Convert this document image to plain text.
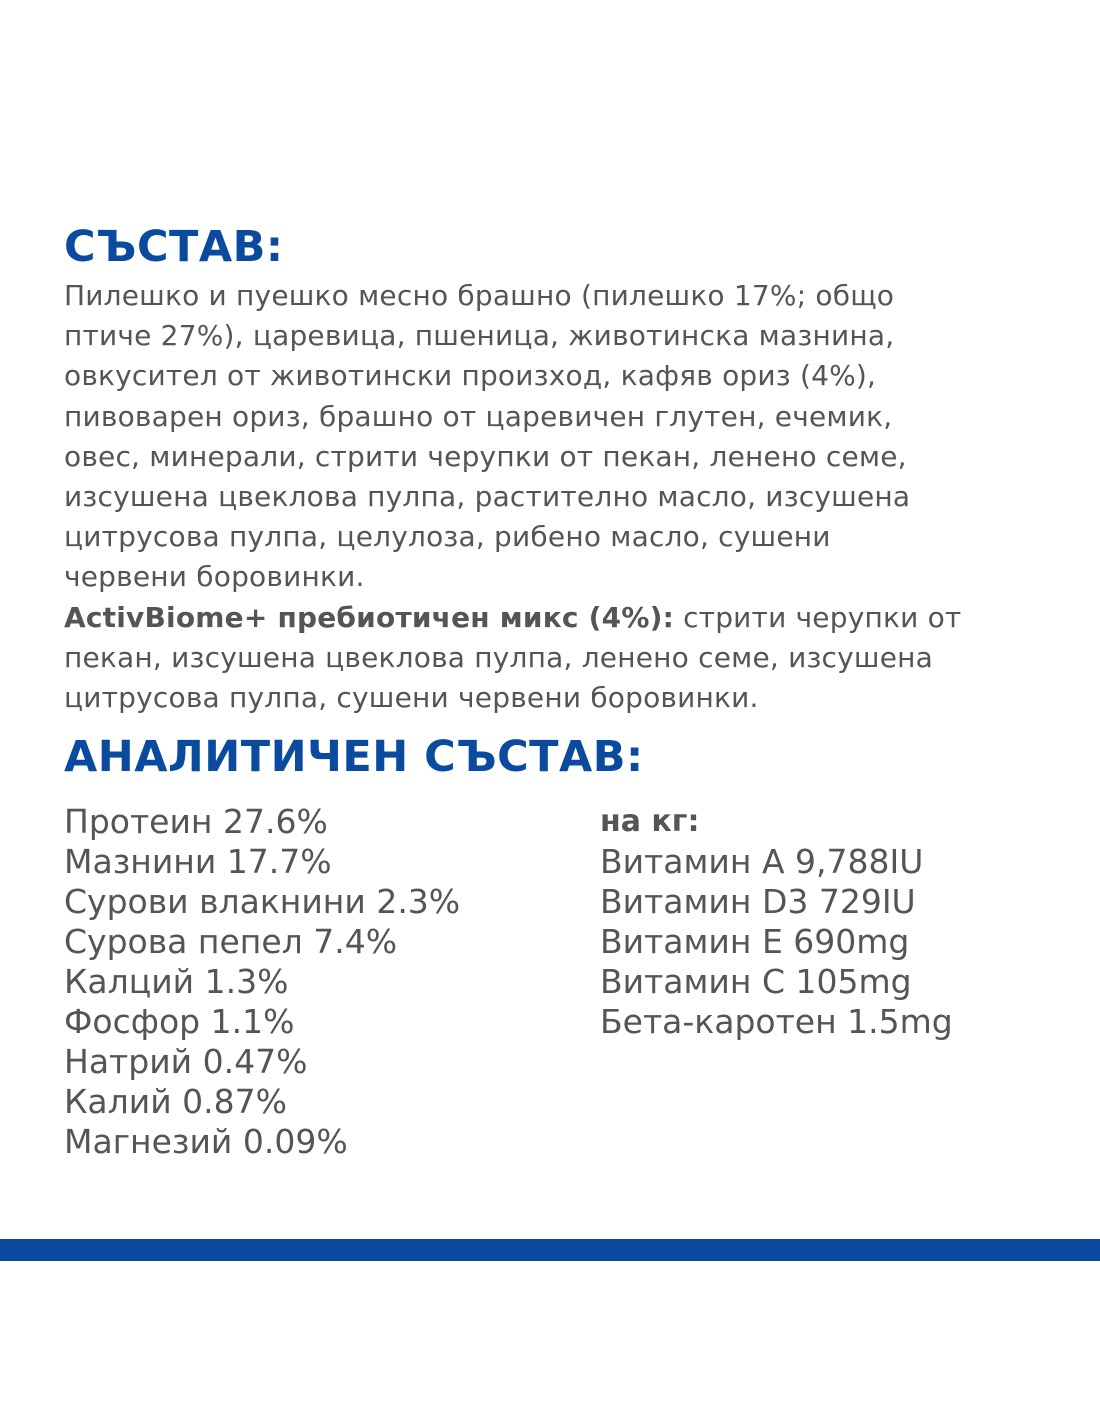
СЪСТАВ:

Пилешко и пуешко месно брашно (пилешко 17%; общо
птиче 27%), царевица, пшеница, животинска мазнина,
овкусител от животински произход, кафяв ориз (4%),
пивоварен ориз, брашно от царевичен глутен, ечемик,
овес, минерали, стрити черупки от пекан, ленено семе,
изсушена цвеклова пулпа, растително масло, изсушена
цитрусова пулпа, целулоза, рибено масло, сушени
червени боровинки.
ActivBiome+ пребиотичен микс (4%): стрити черупки от
пекан, изсушена цвеклова пулпа, ленено семе, изсушена
цитрусова пулпа, сушени червени боровинки.

АНАЛИТИЧЕН СЪСТАВ:
Протеин 27.6%
Мазнини 17.7%
Сурови влакнини 2.3%
Сурова пепел 7.4%
Калций 1.3%
Фосфор 1.1%
Натрий 0.47%
Калий 0.87%
Магнезий 0.09%
на кг:
Витамин А 9,788IU
Витамин D3 729IU
Витамин Е 690mg
Витамин С 105mg
Бета-каротен 1.5mg
